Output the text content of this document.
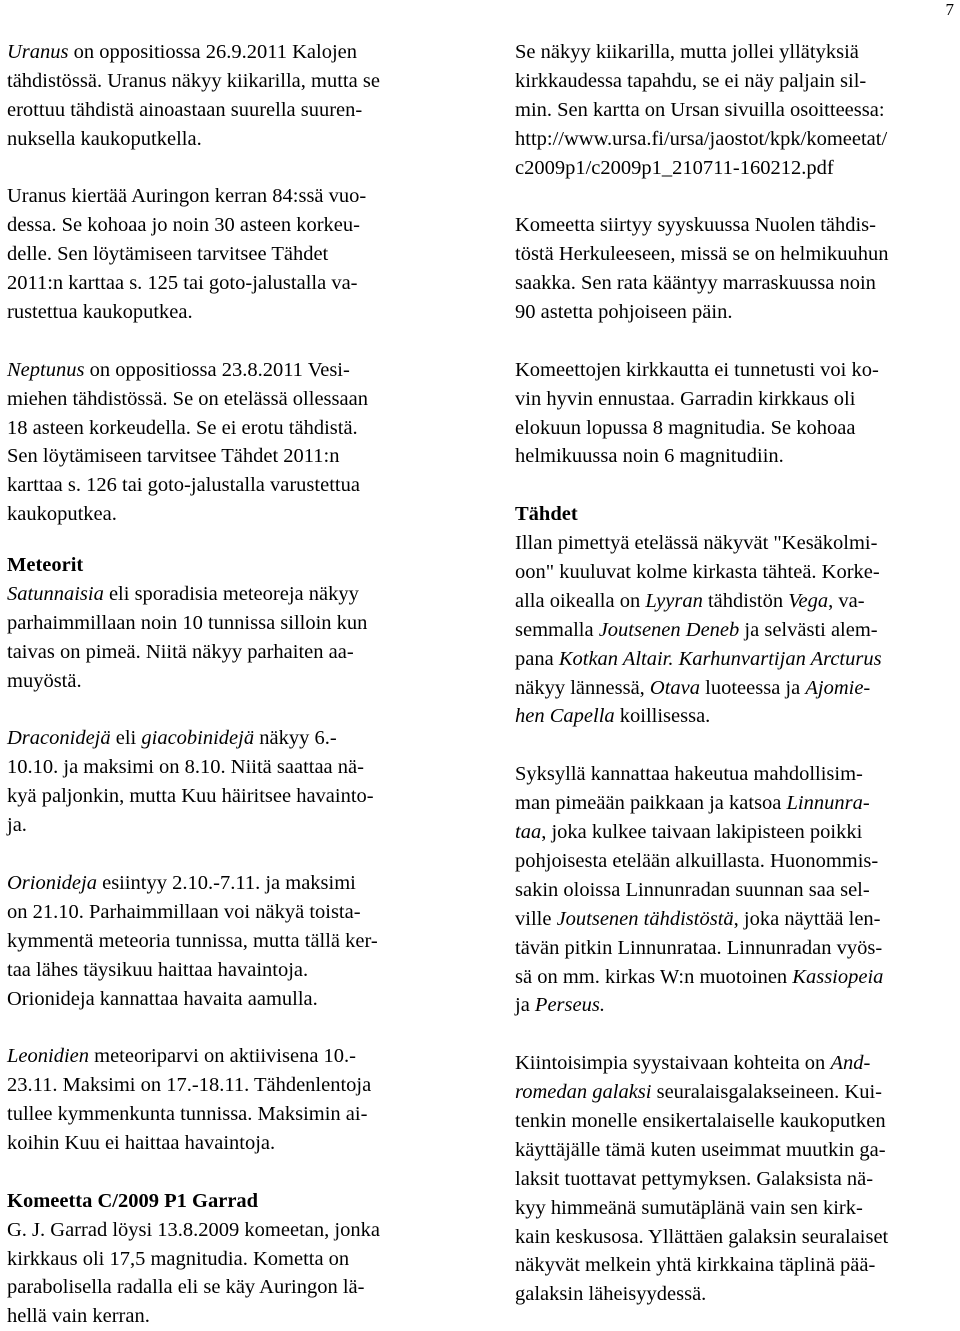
7
Uranus on oppositiossa 26.9.2011 Kalojen
tähdistössä. Uranus näkyy kiikarilla, mutta se
erottuu tähdistä ainoastaan suurella suuren-
nuksella kaukoputkella.
Uranus kiertää Auringon kerran 84:ssä vuo-
dessa. Se kohoaa jo noin 30 asteen korkeu-
delle. Sen löytämiseen tarvitsee Tähdet
2011:n karttaa s. 125 tai goto-jalustalla va-
rustettua kaukoputkea.
Neptunus on oppositiossa 23.8.2011 Vesi-
miehen tähdistössä. Se on etelässä ollessaan
18 asteen korkeudella. Se ei erotu tähdistä.
Sen löytämiseen tarvitsee Tähdet 2011:n
karttaa s. 126 tai goto-jalustalla varustettua
kaukoputkea.
Meteorit
Satunnaisia eli sporadisia meteoreja näkyy
parhaimmillaan noin 10 tunnissa silloin kun
taivas on pimeä. Niitä näkyy parhaiten aa-
muyöstä.
Draconidejä eli giacobinidejä näkyy 6.-
10.10. ja maksimi on 8.10. Niitä saattaa nä-
kyä paljonkin, mutta Kuu häiritsee havainto-
ja.
Orionideja esiintyy 2.10.-7.11. ja maksimi
on 21.10. Parhaimmillaan voi näkyä toista-
kymmentä meteoria tunnissa, mutta tällä ker-
taa lähes täysikuu haittaa havaintoja.
Orionideja kannattaa havaita aamulla.
Leonidien meteoriparvi on aktiivisena 10.-
23.11. Maksimi on 17.-18.11. Tähdenlentoja
tullee kymmenkunta tunnissa. Maksimin ai-
koihin Kuu ei haittaa havaintoja.
Komeetta C/2009 P1 Garrad
G. J. Garrad löysi 13.8.2009 komeetan, jonka
kirkkaus oli 17,5 magnitudia. Kometta on
parabolisella radalla eli se käy Auringon lä-
hellä vain kerran.
Se näkyy kiikarilla, mutta jollei yllätyksiä
kirkkaudessa tapahdu, se ei näy paljain sil-
min. Sen kartta on Ursan sivuilla osoitteessa:
http://www.ursa.fi/ursa/jaostot/kpk/komeetat/
c2009p1/c2009p1_210711-160212.pdf
Komeetta siirtyy syyskuussa Nuolen tähdis-
töstä Herkuleeseen, missä se on helmikuuhun
saakka. Sen rata kääntyy marraskuussa noin
90 astetta pohjoiseen päin.
Komeettojen kirkkautta ei tunnetusti voi ko-
vin hyvin ennustaa. Garradin kirkkaus oli
elokuun lopussa 8 magnitudia. Se kohoaa
helmikuussa noin 6 magnitudiin.
Tähdet
Illan pimettyä etelässä näkyvät "Kesäkolmi-
oon" kuuluvat kolme kirkasta tähteä. Korke-
alla oikealla on Lyyran tähdistön Vega, va-
semmalla Joutsenen Deneb ja selvästi alem-
pana Kotkan Altair. Karhunvartijan Arcturus
näkyy lännessä, Otava luoteessa ja Ajomie-
hen Capella koillisessa.
Syksyllä kannattaa hakeutua mahdollisim-
man pimeään paikkaan ja katsoa Linnunra-
taa, joka kulkee taivaan lakipisteen poikki
pohjoisesta etelään alkuillasta. Huonommis-
sakin oloissa Linnunradan suunnan saa sel-
ville Joutsenen tähdistöstä, joka näyttää len-
tävän pitkin Linnunrataa. Linnunradan vyös-
sä on mm. kirkas W:n muotoinen Kassiopeia
ja Perseus.
Kiintoisimpia syystaivaan kohteita on And-
romedan galaksi seuralaisgalakseineen. Kui-
tenkin monelle ensikertalaiselle kaukoputken
käyttäjälle tämä kuten useimmat muutkin ga-
laksit tuottavat pettymyksen. Galaksista nä-
kyy himmeänä sumutäplänä vain sen kirk-
kain keskusosa. Yllättäen galaksin seuralaiset
näkyvät melkein yhtä kirkkaina täplinä pää-
galaksin läheisyydessä.
